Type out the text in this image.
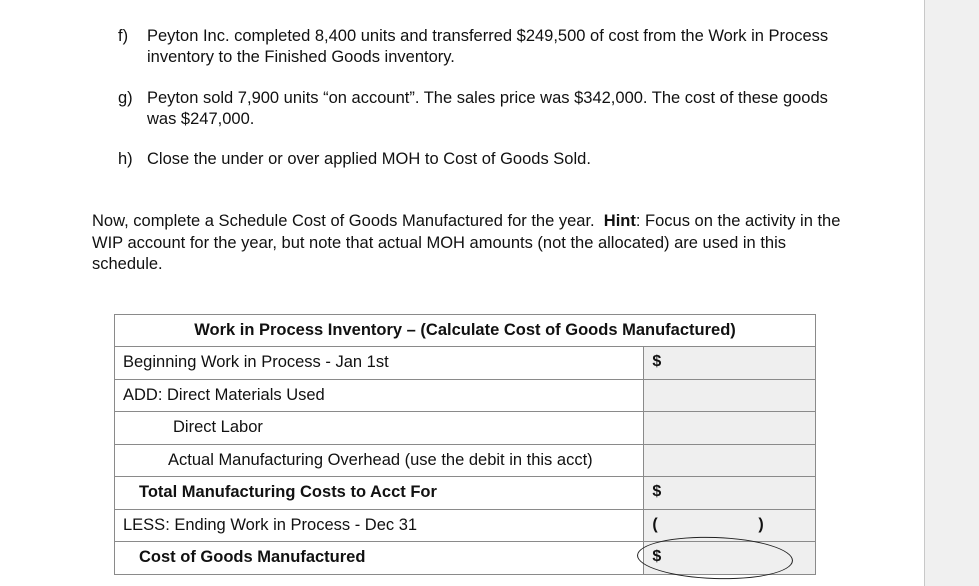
f)	Peyton Inc. completed 8,400 units and transferred $249,500 of cost from the Work in Process inventory to the Finished Goods inventory.
g) Peyton sold 7,900 units “on account”. The sales price was $342,000. The cost of these goods was $247,000.
h) Close the under or over applied MOH to Cost of Goods Sold.
Now, complete a Schedule Cost of Goods Manufactured for the year. Hint: Focus on the activity in the WIP account for the year, but note that actual MOH amounts (not the allocated) are used in this schedule.
Work in Process Inventory – (Calculate Cost of Goods Manufactured)	
Beginning Work in Process - Jan 1st	$

ADD: Direct Materials Used	
Direct Labor	
Actual Manufacturing Overhead (use the debit in this acct)	
Total Manufacturing Costs to Acct For	$

LESS: Ending Work in Process - Dec 31	( )

Cost of Goods Manufactured	$
